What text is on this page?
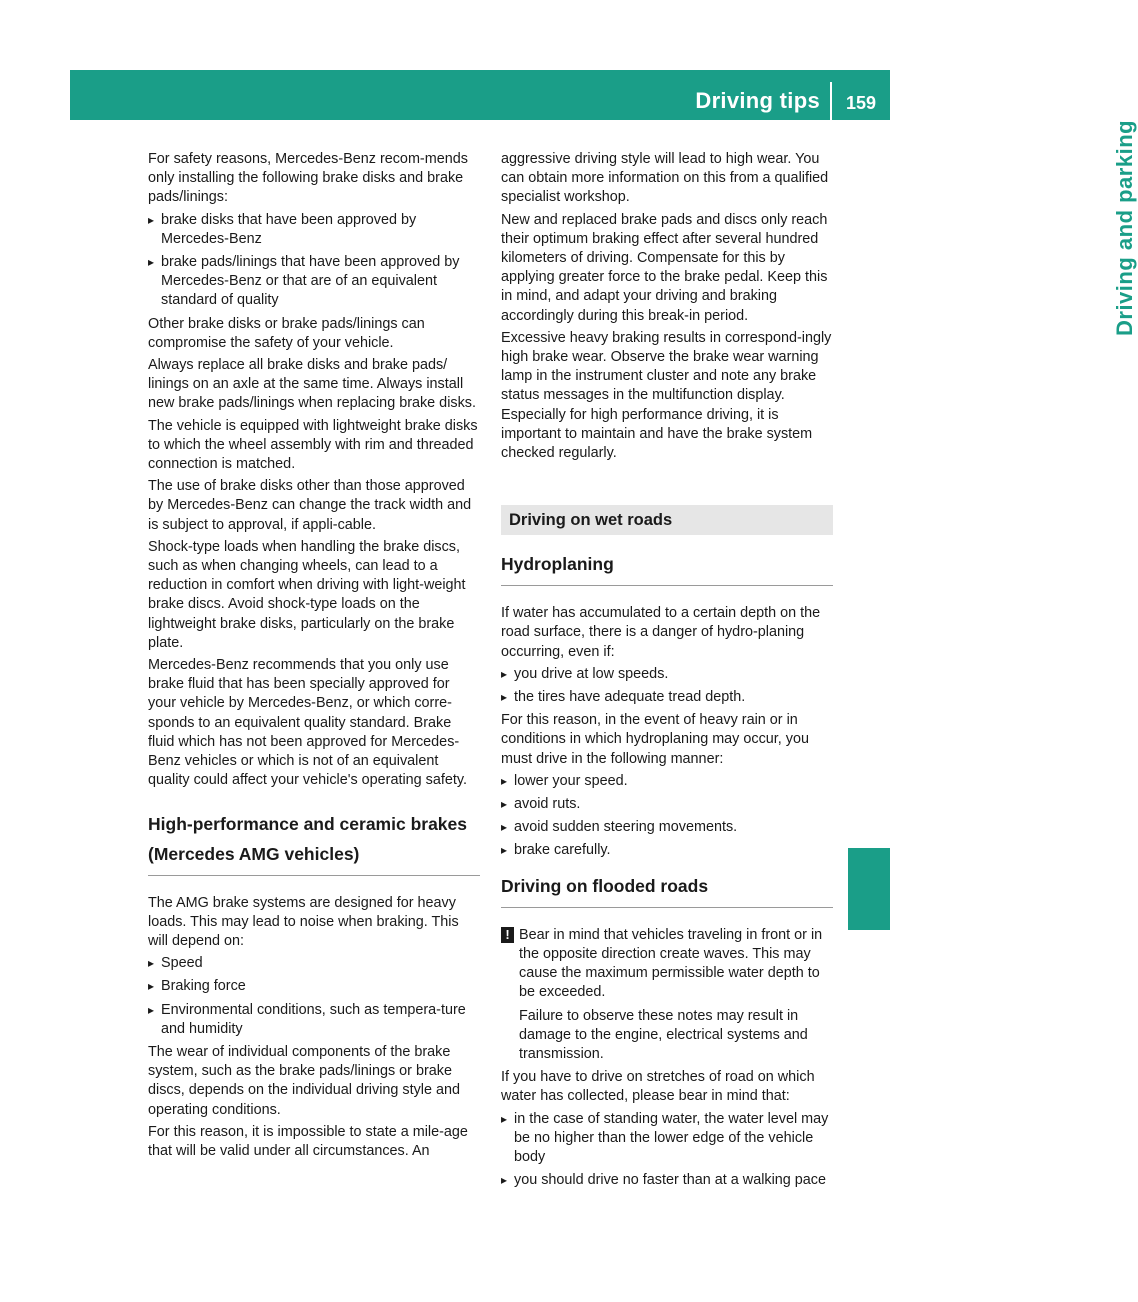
Driving tips 159
Driving and parking

For safety reasons, Mercedes-Benz recom-mends only installing the following brake disks and brake pads/linings:

▸ brake disks that have been approved by Mercedes-Benz
▸ brake pads/linings that have been approved by Mercedes-Benz or that are of an equivalent standard of quality

Other brake disks or brake pads/linings can compromise the safety of your vehicle.

Always replace all brake disks and brake pads/ linings on an axle at the same time. Always install new brake pads/linings when replacing brake disks.

The vehicle is equipped with lightweight brake disks to which the wheel assembly with rim and threaded connection is matched.

The use of brake disks other than those approved by Mercedes-Benz can change the track width and is subject to approval, if appli-cable.

Shock-type loads when handling the brake discs, such as when changing wheels, can lead to a reduction in comfort when driving with light-weight brake discs. Avoid shock-type loads on the lightweight brake disks, particularly on the brake plate.

Mercedes-Benz recommends that you only use brake fluid that has been specially approved for your vehicle by Mercedes-Benz, or which corre-sponds to an equivalent quality standard. Brake fluid which has not been approved for Mercedes-Benz vehicles or which is not of an equivalent quality could affect your vehicle's operating safety.

High-performance and ceramic brakes (Mercedes AMG vehicles)

The AMG brake systems are designed for heavy loads. This may lead to noise when braking. This will depend on:

▸ Speed
▸ Braking force
▸ Environmental conditions, such as tempera-ture and humidity

The wear of individual components of the brake system, such as the brake pads/linings or brake discs, depends on the individual driving style and operating conditions.

For this reason, it is impossible to state a mile-age that will be valid under all circumstances. An

aggressive driving style will lead to high wear. You can obtain more information on this from a qualified specialist workshop.

New and replaced brake pads and discs only reach their optimum braking effect after several hundred kilometers of driving. Compensate for this by applying greater force to the brake pedal. Keep this in mind, and adapt your driving and braking accordingly during this break-in period.

Excessive heavy braking results in correspond-ingly high brake wear. Observe the brake wear warning lamp in the instrument cluster and note any brake status messages in the multifunction display. Especially for high performance driving, it is important to maintain and have the brake system checked regularly.

Driving on wet roads
Hydroplaning

If water has accumulated to a certain depth on the road surface, there is a danger of hydro-planing occurring, even if:

▸ you drive at low speeds.
▸ the tires have adequate tread depth.

For this reason, in the event of heavy rain or in conditions in which hydroplaning may occur, you must drive in the following manner:

▸ lower your speed.
▸ avoid ruts.
▸ avoid sudden steering movements.
▸ brake carefully.
Driving on flooded roads
! Bear in mind that vehicles traveling in front or in the opposite direction create waves. This may cause the maximum permissible water depth to be exceeded.

Failure to observe these notes may result in damage to the engine, electrical systems and transmission.

If you have to drive on stretches of road on which water has collected, please bear in mind that:

▸ in the case of standing water, the water level may be no higher than the lower edge of the vehicle body
▸ you should drive no faster than at a walking pace
